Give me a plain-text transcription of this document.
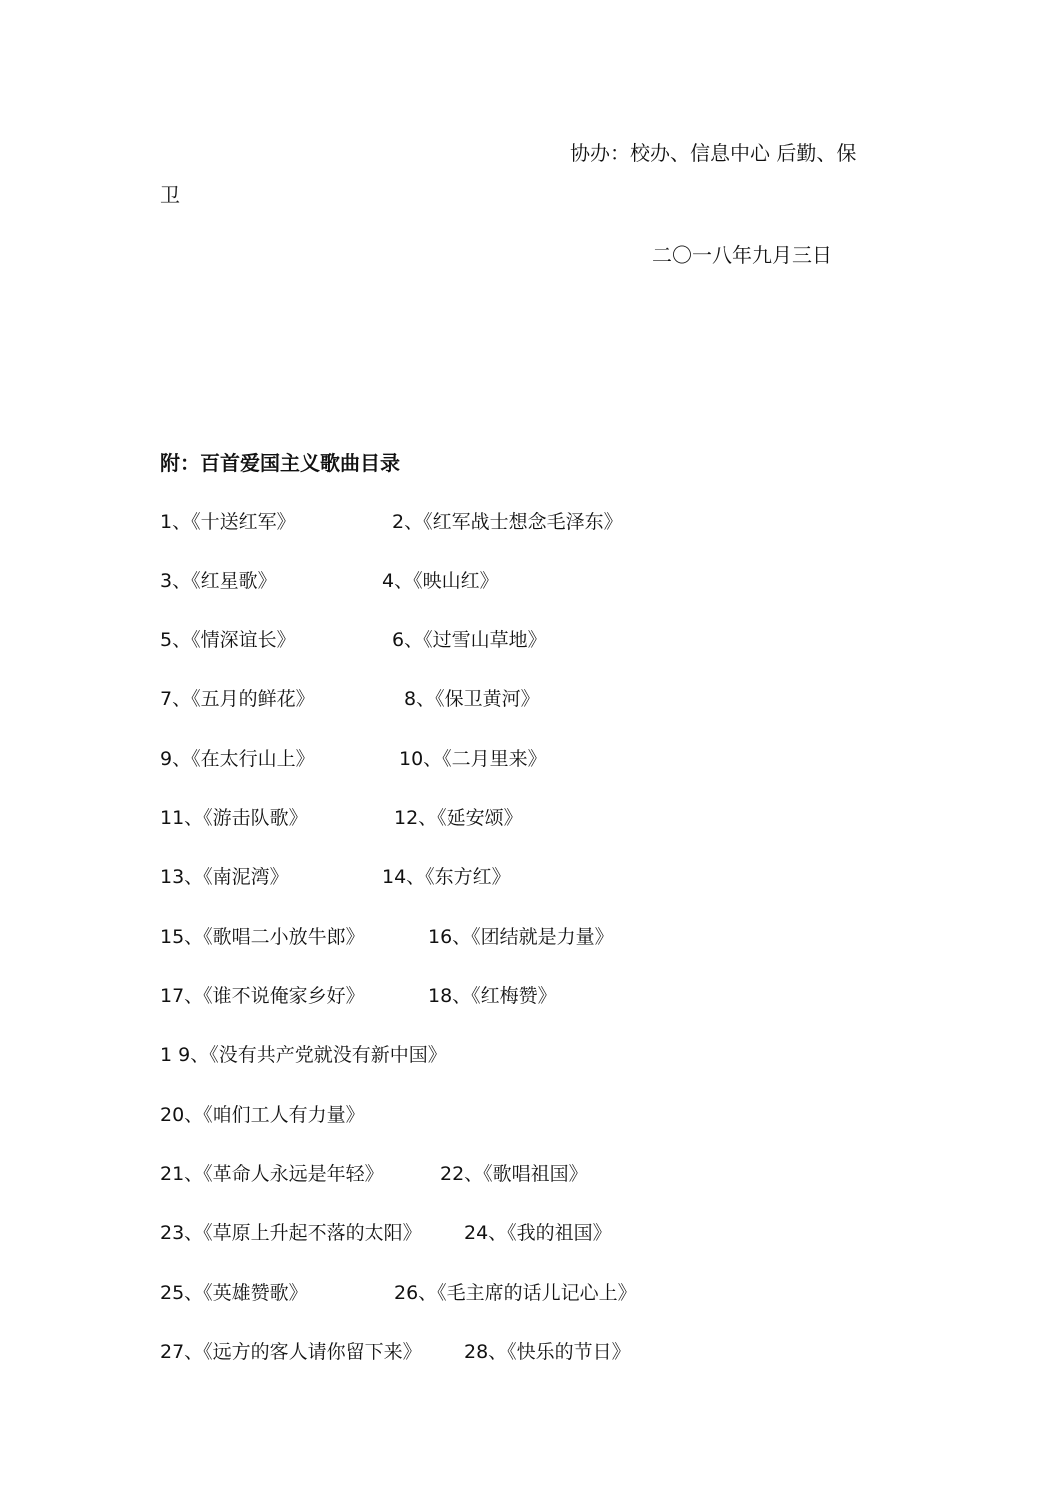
协办：校办、信息中心 后勤、保
卫
二〇一八年九月三日
附：百首爱国主义歌曲目录
1、《十送红军》	2、《红军战士想念毛泽东》
3、《红星歌》	4、《映山红》
5、《情深谊长》	6、《过雪山草地》
7、《五月的鲜花》	8、《保卫黄河》
9、《在太行山上》	10、《二月里来》
11、《游击队歌》	12、《延安颂》
13、《南泥湾》	14、《东方红》
15、《歌唱二小放牛郎》	16、《团结就是力量》
17、《谁不说俺家乡好》	18、《红梅赞》
1 9、《没有共产党就没有新中国》
20、《咱们工人有力量》
21、《革命人永远是年轻》	22、《歌唱祖国》
23、《草原上升起不落的太阳》 24、《我的祖国》
25、《英雄赞歌》	26、《毛主席的话儿记心上》
27、《远方的客人请你留下来》 28、《快乐的节日》
